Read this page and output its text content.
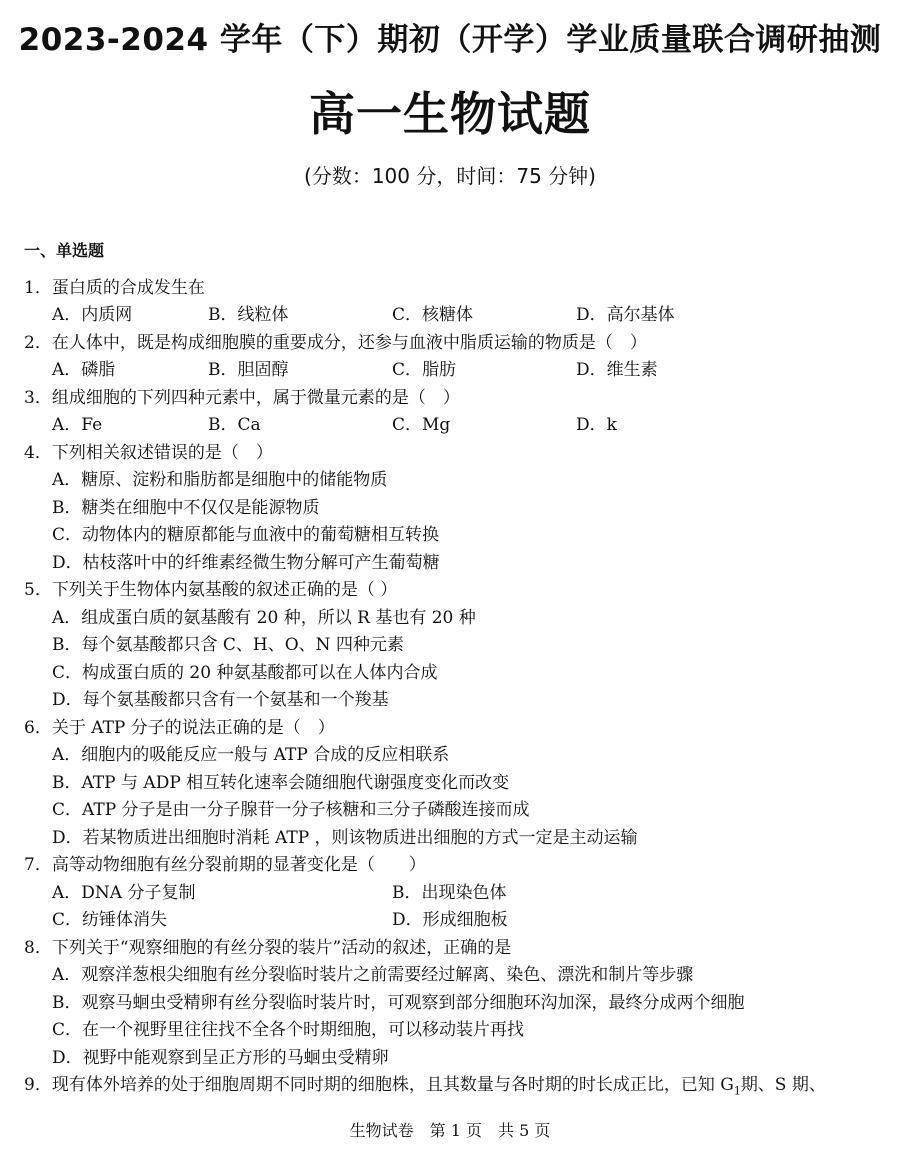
2023-2024 学年（下）期初（开学）学业质量联合调研抽测
高一生物试题
(分数：100 分，时间：75 分钟)
一、单选题
1．蛋白质的合成发生在
A．内质网	B．线粒体	C．核糖体	D．高尔基体
2．在人体中，既是构成细胞膜的重要成分，还参与血液中脂质运输的物质是（　）
A．磷脂	B．胆固醇	C．脂肪	D．维生素
3．组成细胞的下列四种元素中，属于微量元素的是（　）
A．Fe	B．Ca	C．Mg	D．k
4．下列相关叙述错误的是（　）
A．糖原、淀粉和脂肪都是细胞中的储能物质
B．糖类在细胞中不仅仅是能源物质
C．动物体内的糖原都能与血液中的葡萄糖相互转换
D．枯枝落叶中的纤维素经微生物分解可产生葡萄糖
5．下列关于生物体内氨基酸的叙述正确的是（ ）
A．组成蛋白质的氨基酸有 20 种，所以 R 基也有 20 种
B．每个氨基酸都只含 C、H、O、N 四种元素
C．构成蛋白质的 20 种氨基酸都可以在人体内合成
D．每个氨基酸都只含有一个氨基和一个羧基
6．关于 ATP 分子的说法正确的是（　）
A．细胞内的吸能反应一般与 ATP 合成的反应相联系
B．ATP 与 ADP 相互转化速率会随细胞代谢强度变化而改变
C．ATP 分子是由一分子腺苷一分子核糖和三分子磷酸连接而成
D．若某物质进出细胞时消耗 ATP ，则该物质进出细胞的方式一定是主动运输
7．高等动物细胞有丝分裂前期的显著变化是（　　）
A．DNA 分子复制	B．出现染色体
C．纺锤体消失	D．形成细胞板
8．下列关于“观察细胞的有丝分裂的装片”活动的叙述，正确的是
A．观察洋葱根尖细胞有丝分裂临时装片之前需要经过解离、染色、漂洗和制片等步骤
B．观察马蛔虫受精卵有丝分裂临时装片时，可观察到部分细胞环沟加深，最终分成两个细胞
C．在一个视野里往往找不全各个时期细胞，可以移动装片再找
D．视野中能观察到呈正方形的马蛔虫受精卵
9．现有体外培养的处于细胞周期不同时期的细胞株，且其数量与各时期的时长成正比，已知 $G_1$期、S 期、
生物试卷　第 1 页　共 5 页
